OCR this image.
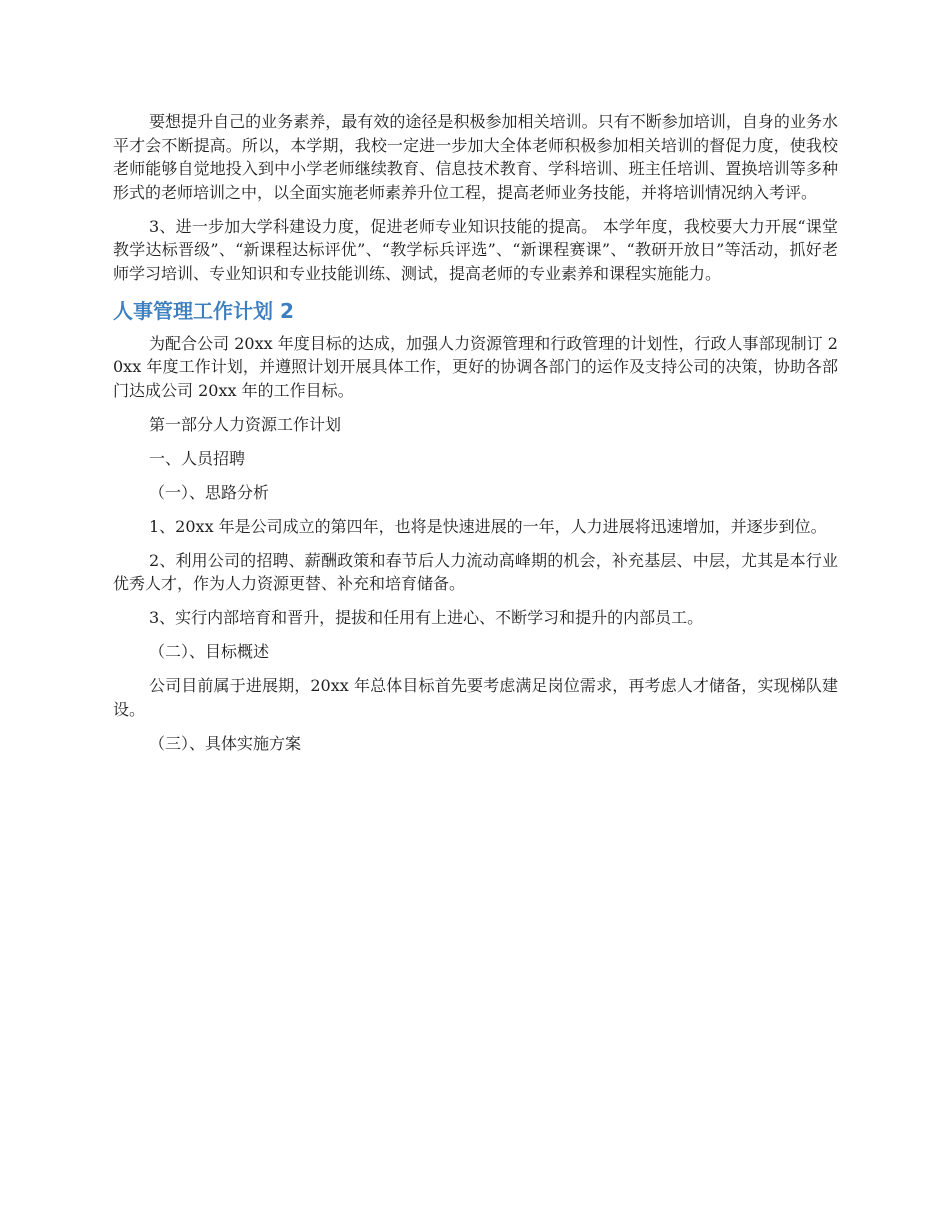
要想提升自己的业务素养，最有效的途径是积极参加相关培训。只有不断参加培训，自身的业务水平才会不断提高。所以，本学期，我校一定进一步加大全体老师积极参加相关培训的督促力度，使我校老师能够自觉地投入到中小学老师继续教育、信息技术教育、学科培训、班主任培训、置换培训等多种形式的老师培训之中，以全面实施老师素养升位工程，提高老师业务技能，并将培训情况纳入考评。

3、进一步加大学科建设力度，促进老师专业知识技能的提高。 本学年度，我校要大力开展“课堂教学达标晋级”、“新课程达标评优”、“教学标兵评选”、“新课程赛课”、“教研开放日”等活动，抓好老师学习培训、专业知识和专业技能训练、测试，提高老师的专业素养和课程实施能力。

人事管理工作计划 2

为配合公司 20xx 年度目标的达成，加强人力资源管理和行政管理的计划性，行政人事部现制订 20xx 年度工作计划，并遵照计划开展具体工作，更好的协调各部门的运作及支持公司的决策，协助各部门达成公司 20xx 年的工作目标。

第一部分人力资源工作计划

一、人员招聘

（一）、思路分析

1、20xx 年是公司成立的第四年，也将是快速进展的一年，人力进展将迅速增加，并逐步到位。

2、利用公司的招聘、薪酬政策和春节后人力流动高峰期的机会，补充基层、中层，尤其是本行业优秀人才，作为人力资源更替、补充和培育储备。

3、实行内部培育和晋升，提拔和任用有上进心、不断学习和提升的内部员工。

（二）、目标概述

公司目前属于进展期，20xx 年总体目标首先要考虑满足岗位需求，再考虑人才储备，实现梯队建设。

（三）、具体实施方案
